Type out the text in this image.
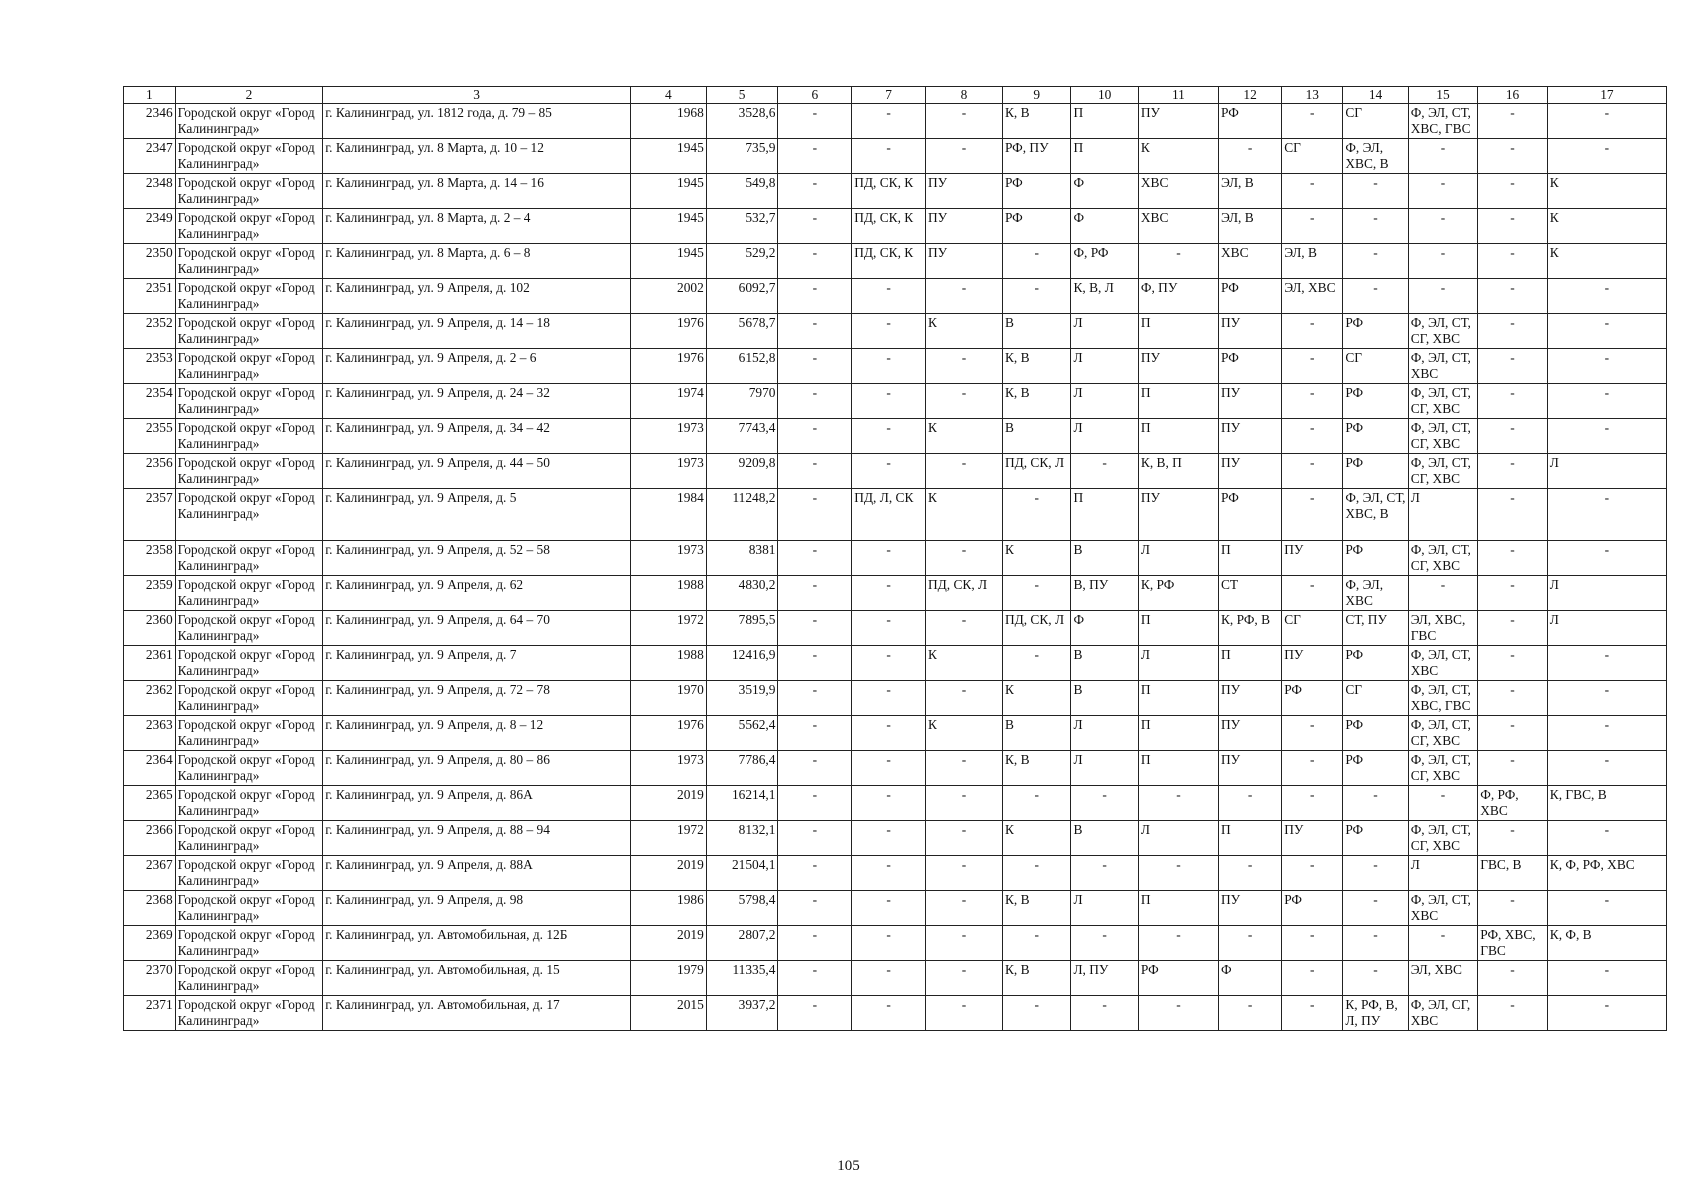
1	2	3	4	5	6	7	8	9	10	11	12	13	14	15	16	17
2346	Городской округ «Город Калининград»	г. Калининград, ул. 1812 года, д. 79 – 85	1968	3528,6	-	-	-	К, В	П	ПУ	РФ	-	СГ	Ф, ЭЛ, СТ, ХВС, ГВС	-	-
2347	Городской округ «Город Калининград»	г. Калининград, ул. 8 Марта, д. 10 – 12	1945	735,9	-	-	-	РФ, ПУ	П	К	-	СГ	Ф, ЭЛ, ХВС, В	-	-	-
2348	Городской округ «Город Калининград»	г. Калининград, ул. 8 Марта, д. 14 – 16	1945	549,8	-	ПД, СК, К	ПУ	РФ	Ф	ХВС	ЭЛ, В	-	-	-	-	К
2349	Городской округ «Город Калининград»	г. Калининград, ул. 8 Марта, д. 2 – 4	1945	532,7	-	ПД, СК, К	ПУ	РФ	Ф	ХВС	ЭЛ, В	-	-	-	-	К
2350	Городской округ «Город Калининград»	г. Калининград, ул. 8 Марта, д. 6 – 8	1945	529,2	-	ПД, СК, К	ПУ	-	Ф, РФ	-	ХВС	ЭЛ, В	-	-	-	К
2351	Городской округ «Город Калининград»	г. Калининград, ул. 9 Апреля, д. 102	2002	6092,7	-	-	-	-	К, В, Л	Ф, ПУ	РФ	ЭЛ, ХВС	-	-	-	-
2352	Городской округ «Город Калининград»	г. Калининград, ул. 9 Апреля, д. 14 – 18	1976	5678,7	-	-	К	В	Л	П	ПУ	-	РФ	Ф, ЭЛ, СТ, СГ, ХВС	-	-
2353	Городской округ «Город Калининград»	г. Калининград, ул. 9 Апреля, д. 2 – 6	1976	6152,8	-	-	-	К, В	Л	ПУ	РФ	-	СГ	Ф, ЭЛ, СТ, ХВС	-	-
2354	Городской округ «Город Калининград»	г. Калининград, ул. 9 Апреля, д. 24 – 32	1974	7970	-	-	-	К, В	Л	П	ПУ	-	РФ	Ф, ЭЛ, СТ, СГ, ХВС	-	-
2355	Городской округ «Город Калининград»	г. Калининград, ул. 9 Апреля, д. 34 – 42	1973	7743,4	-	-	К	В	Л	П	ПУ	-	РФ	Ф, ЭЛ, СТ, СГ, ХВС	-	-
2356	Городской округ «Город Калининград»	г. Калининград, ул. 9 Апреля, д. 44 – 50	1973	9209,8	-	-	-	ПД, СК, Л	-	К, В, П	ПУ	-	РФ	Ф, ЭЛ, СТ, СГ, ХВС	-	Л
2357	Городской округ «Город Калининград»	г. Калининград, ул. 9 Апреля, д. 5	1984	11248,2	-	ПД, Л, СК	К	-	П	ПУ	РФ	-	Ф, ЭЛ, СТ, ХВС, В	Л	-	-
2358	Городской округ «Город Калининград»	г. Калининград, ул. 9 Апреля, д. 52 – 58	1973	8381	-	-	-	К	В	Л	П	ПУ	РФ	Ф, ЭЛ, СТ, СГ, ХВС	-	-
2359	Городской округ «Город Калининград»	г. Калининград, ул. 9 Апреля, д. 62	1988	4830,2	-	-	ПД, СК, Л	-	В, ПУ	К, РФ	СТ	-	Ф, ЭЛ, ХВС	-	-	Л
2360	Городской округ «Город Калининград»	г. Калининград, ул. 9 Апреля, д. 64 – 70	1972	7895,5	-	-	-	ПД, СК, Л	Ф	П	К, РФ, В	СГ	СТ, ПУ	ЭЛ, ХВС, ГВС	-	Л
2361	Городской округ «Город Калининград»	г. Калининград, ул. 9 Апреля, д. 7	1988	12416,9	-	-	К	-	В	Л	П	ПУ	РФ	Ф, ЭЛ, СТ, ХВС	-	-
2362	Городской округ «Город Калининград»	г. Калининград, ул. 9 Апреля, д. 72 – 78	1970	3519,9	-	-	-	К	В	П	ПУ	РФ	СГ	Ф, ЭЛ, СТ, ХВС, ГВС	-	-
2363	Городской округ «Город Калининград»	г. Калининград, ул. 9 Апреля, д. 8 – 12	1976	5562,4	-	-	К	В	Л	П	ПУ	-	РФ	Ф, ЭЛ, СТ, СГ, ХВС	-	-
2364	Городской округ «Город Калининград»	г. Калининград, ул. 9 Апреля, д. 80 – 86	1973	7786,4	-	-	-	К, В	Л	П	ПУ	-	РФ	Ф, ЭЛ, СТ, СГ, ХВС	-	-
2365	Городской округ «Город Калининград»	г. Калининград, ул. 9 Апреля, д. 86А	2019	16214,1	-	-	-	-	-	-	-	-	-	-	Ф, РФ, ХВС	К, ГВС, В
2366	Городской округ «Город Калининград»	г. Калининград, ул. 9 Апреля, д. 88 – 94	1972	8132,1	-	-	-	К	В	Л	П	ПУ	РФ	Ф, ЭЛ, СТ, СГ, ХВС	-	-
2367	Городской округ «Город Калининград»	г. Калининград, ул. 9 Апреля, д. 88А	2019	21504,1	-	-	-	-	-	-	-	-	-	Л	ГВС, В	К, Ф, РФ, ХВС
2368	Городской округ «Город Калининград»	г. Калининград, ул. 9 Апреля, д. 98	1986	5798,4	-	-	-	К, В	Л	П	ПУ	РФ	-	Ф, ЭЛ, СТ, ХВС	-	-
2369	Городской округ «Город Калининград»	г. Калининград, ул. Автомобильная, д. 12Б	2019	2807,2	-	-	-	-	-	-	-	-	-	-	РФ, ХВС, ГВС	К, Ф, В
2370	Городской округ «Город Калининград»	г. Калининград, ул. Автомобильная, д. 15	1979	11335,4	-	-	-	К, В	Л, ПУ	РФ	Ф	-	-	ЭЛ, ХВС	-	-
2371	Городской округ «Город Калининград»	г. Калининград, ул. Автомобильная, д. 17	2015	3937,2	-	-	-	-	-	-	-	-	К, РФ, В, Л, ПУ	Ф, ЭЛ, СГ, ХВС	-	-
105
